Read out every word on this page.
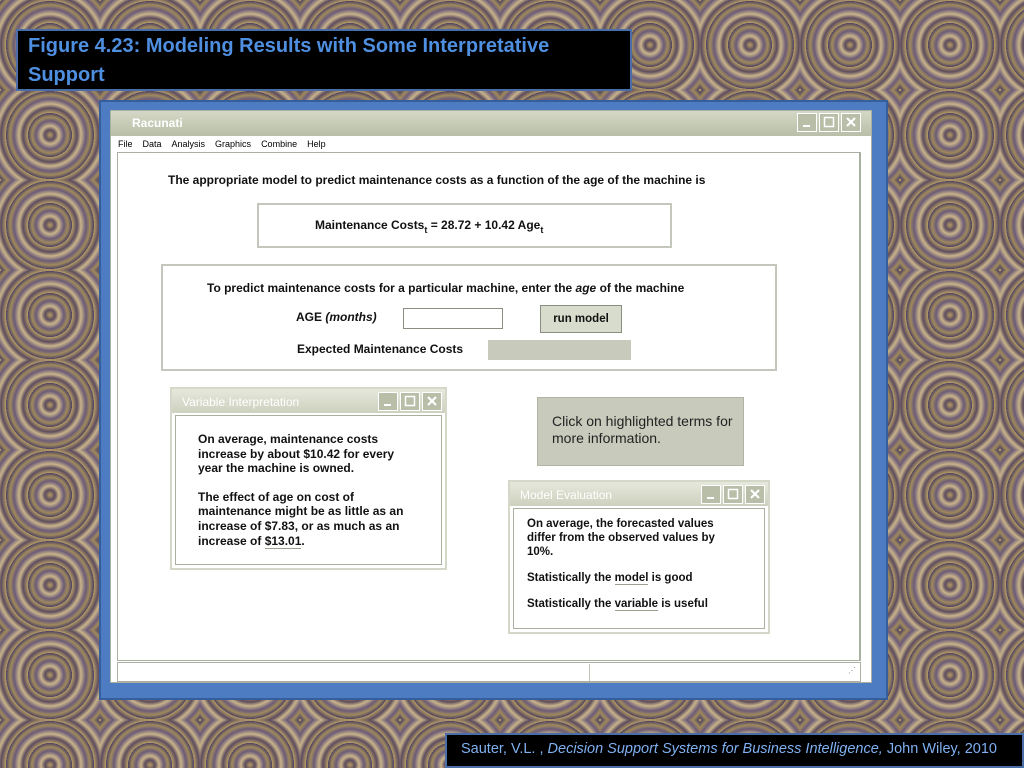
Figure 4.23: Modeling Results with Some Interpretative Support
Racunati
File Data Analysis Graphics Combine Help
The appropriate model to predict maintenance costs as a function of the age of the machine is
Maintenance Costs$_t$ = 28.72 + 10.42 Age$_t$
To predict maintenance costs for a particular machine, enter the age of the machine
AGE (months)	run model
Expected Maintenance Costs
Variable Interpretation

On average, maintenance costs increase by about $10.42 for every year the machine is owned.

The effect of age on cost of maintenance might be as little as an increase of $7.83, or as much as an increase of $13.01.

Click on highlighted terms for more information.
Model Evaluation

On average, the forecasted values differ from the observed values by 10%.

Statistically the model is good

Statistically the variable is useful

⋰
Sauter, V.L. , Decision Support Systems for Business Intelligence, John Wiley, 2010
